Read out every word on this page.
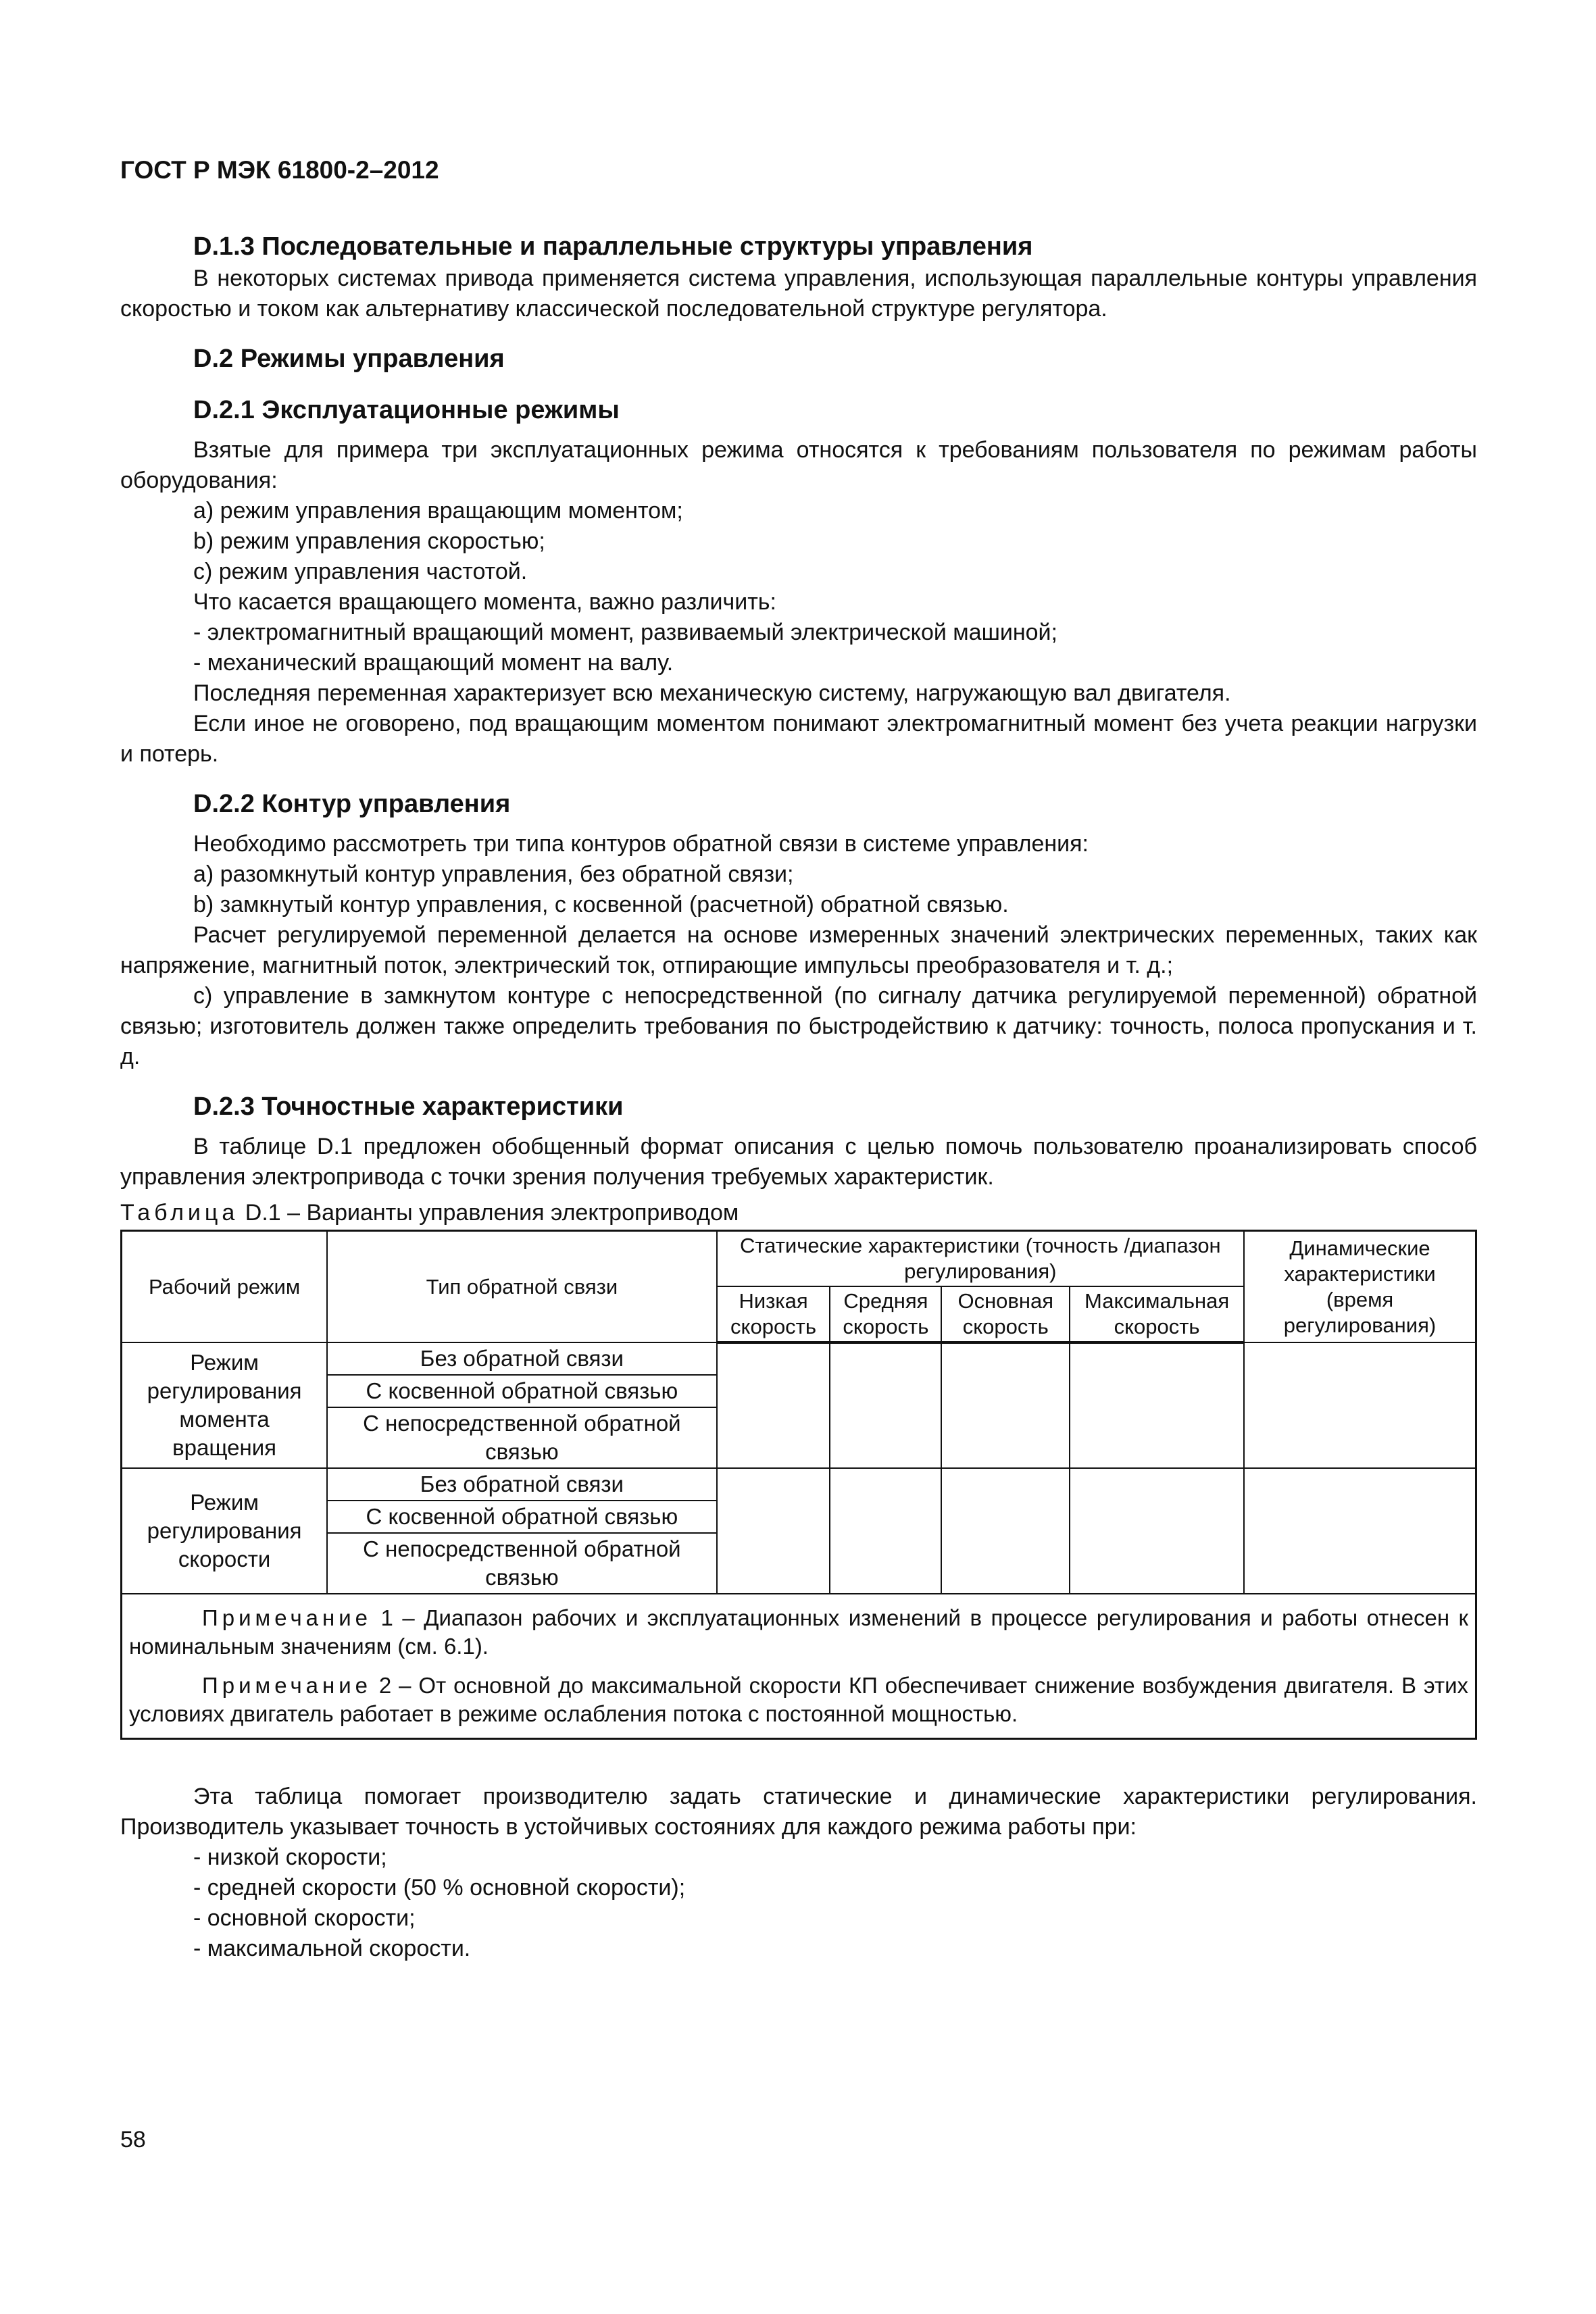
ГОСТ Р МЭК 61800-2–2012
D.1.3 Последовательные и параллельные структуры управления

В некоторых системах привода применяется система управления, использующая параллельные контуры управления скоростью и током как альтернативу классической последовательной структуре регулятора.

D.2 Режимы управления
D.2.1 Эксплуатационные режимы

Взятые для примера три эксплуатационных режима относятся к требованиям пользователя по режимам работы оборудования:

а) режим управления вращающим моментом;

b) режим управления скоростью;

с) режим управления частотой.

Что касается вращающего момента, важно различить:

- электромагнитный вращающий момент, развиваемый электрической машиной;

- механический вращающий момент на валу.

Последняя переменная характеризует всю механическую систему, нагружающую вал двигателя.

Если иное не оговорено, под вращающим моментом понимают электромагнитный момент без учета реакции нагрузки и потерь.

D.2.2 Контур управления

Необходимо рассмотреть три типа контуров обратной связи в системе управления:

а) разомкнутый контур управления, без обратной связи;

b) замкнутый контур управления, с косвенной (расчетной) обратной связью.

Расчет регулируемой переменной делается на основе измеренных значений электрических переменных, таких как напряжение, магнитный поток, электрический ток, отпирающие импульсы преобразователя и т. д.;

с) управление в замкнутом контуре с непосредственной (по сигналу датчика регулируемой переменной) обратной связью; изготовитель должен также определить требования по быстродействию к датчику: точность, полоса пропускания и т. д.

D.2.3 Точностные характеристики

В таблице D.1 предложен обобщенный формат описания с целью помочь пользователю проанализировать способ управления электропривода с точки зрения получения требуемых характеристик.

Таблица D.1 – Варианты управления электроприводом

Рабочий режим	Тип обратной связи	Статические характеристики (точность /диапазон регулирования)				Динамические характеристики (время регулирования)
		Низкая скорость	Средняя скорость	Основная скорость	Максимальная скорость	
Режим регулирования момента вращения	Без обратной связи					
	С косвенной обратной связью					
	С непосредственной обратной связью					
Режим регулирования скорости	Без обратной связи					
	С косвенной обратной связью					
	С непосредственной обратной связью					

Примечание 1 – Диапазон рабочих и эксплуатационных изменений в процессе регулирования и работы отнесен к номинальным значениям (см. 6.1).

Примечание 2 – От основной до максимальной скорости КП обеспечивает снижение возбуждения двигателя. В этих условиях двигатель работает в режиме ослабления потока с постоянной мощностью.						

Эта таблица помогает производителю задать статические и динамические характеристики регулирования. Производитель указывает точность в устойчивых состояниях для каждого режима работы при:

- низкой скорости;

- средней скорости (50 % основной скорости);

- основной скорости;

- максимальной скорости.

58
